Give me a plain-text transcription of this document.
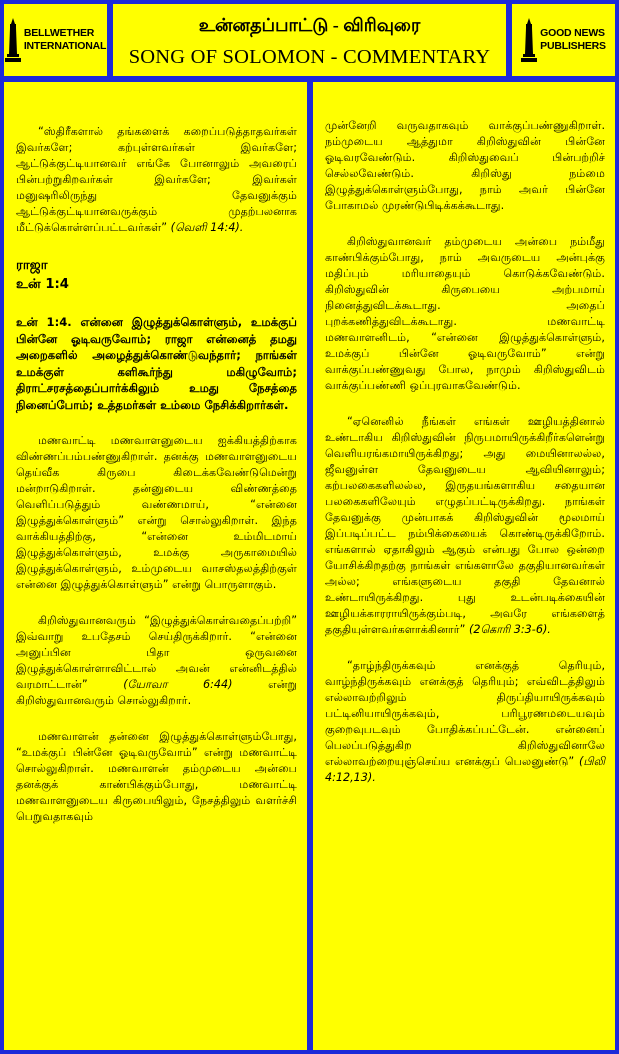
BELLWETHER
INTERNATIONAL
உன்னதப்பாட்டு - விரிவுரை
SONG OF SOLOMON - COMMENTARY
GOOD NEWS
PUBLISHERS

“ஸ்திரீகளால் தங்களைக் கறைப்படுத்தாதவர்கள் இவர்களே; கற்புள்ளவர்கள் இவர்களே; ஆட்டுக்குட்டியானவர் எங்கே போனாலும் அவரைப் பின்பற்றுகிறவர்கள் இவர்களே; இவர்கள் மனுஷரிலிருந்து தேவனுக்கும் ஆட்டுக்குட்டியானவருக்கும் முதற்பலனாக மீட்டுக்கொள்ளப்பட்டவர்கள்” (வெளி 14:4).

ராஜா
உன் 1:4

உன் 1:4. என்னை இழுத்துக்கொள்ளும், உமக்குப் பின்னே ஓடிவருவோம்; ராஜா என்னைத் தமது அறைகளில் அழைத்துக்கொண்டுவந்தார்; நாங்கள் உமக்குள் களிகூர்ந்து மகிழுவோம்; திராட்சரசத்தைப்பார்க்கிலும் உமது நேசத்தை நினைப்போம்; உத்தமர்கள் உம்மை நேசிக்கிறார்கள்.

மணவாட்டி மணவாளனுடைய ஐக்கியத்திற்காக விண்ணப்பம்பண்ணுகிறாள். தனக்கு மணவாளனுடைய தெய்வீக கிருபை கிடைக்கவேண்டுமென்று மன்றாடுகிறாள். தன்னுடைய விண்ணத்தை வெளிப்படுத்தும் வண்ணமாய், “என்னை இழுத்துக்கொள்ளும்” என்று சொல்லுகிறாள். இந்த வாக்கியத்திற்கு, “என்னை உம்மிடமாய் இழுத்துக்கொள்ளும், உமக்கு அருகாமையில் இழுத்துக்கொள்ளும், உம்முடைய வாசஸ்தலத்திற்குள் என்னை இழுத்துக்கொள்ளும்” என்று பொருளாகும்.

கிறிஸ்துவானவரும் “இழுத்துக்கொள்வதைப்பற்றி” இவ்வாறு உபதேசம் செய்திருக்கிறார். “என்னை அனுப்பின பிதா ஒருவனை இழுத்துக்கொள்ளாவிட்டால் அவன் என்னிடத்தில் வரமாட்டான்”	(யோவா 6:44)	என்று கிறிஸ்துவானவரும் சொல்லுகிறார்.

மணவாளன் தன்னை இழுத்துக்கொள்ளும்போது, “உமக்குப் பின்னே ஓடிவருவோம்” என்று மணவாட்டி சொல்லுகிறாள். மணவாளன் தம்முடைய அன்பை தனக்குக் காண்பிக்கும்போது, மணவாட்டி மணவாளனுடைய கிருபையிலும், நேசத்திலும் வளர்ச்சி பெறுவதாகவும்

முன்னேறி வருவதாகவும் வாக்குப்பண்ணுகிறாள். நம்முடைய ஆத்துமா கிறிஸ்துவின் பின்னே ஓடிவரவேண்டும். கிறிஸ்துவைப் பின்பற்றிச் செல்லவேண்டும். கிறிஸ்து நம்மை இழுத்துக்கொள்ளும்போது, நாம் அவர் பின்னே போகாமல் முரண்டுபிடிக்கக்கூடாது.

கிறிஸ்துவானவர் தம்முடைய அன்பை நம்மீது காண்பிக்கும்போது, நாம் அவருடைய அன்புக்கு மதிப்பும் மரியாதையும் கொடுக்கவேண்டும். கிறிஸ்துவின் கிருபையை அற்பமாய் நினைத்துவிடக்கூடாது. அதைப் புறக்கணித்துவிடக்கூடாது. மணவாட்டி மணவாளனிடம், “என்னை இழுத்துக்கொள்ளும், உமக்குப் பின்னே ஓடிவருவோம்” என்று வாக்குப்பண்ணுவது போல, நாமும் கிறிஸ்துவிடம் வாக்குப்பண்ணி ஒப்புரவாகவேண்டும்.

“ஏனெனில் நீங்கள் எங்கள் ஊழியத்தினால் உண்டாகிய கிறிஸ்துவின் நிருபமாயிருக்கிறீர்களென்று வெளியரங்கமாயிருக்கிறது; அது மையினாலல்ல, ஜீவனுள்ள தேவனுடைய ஆவியினாலும்; கற்பலகைகளிலல்ல, இருதயங்களாகிய சதையான பலகைகளிலேயும் எழுதப்பட்டிருக்கிறது. நாங்கள் தேவனுக்கு முன்பாகக் கிறிஸ்துவின் மூலமாய் இப்படிப்பட்ட நம்பிக்கையைக் கொண்டிருக்கிறோம். எங்களால் ஏதாகிலும் ஆகும் என்பது போல ஒன்றை யோசிக்கிறதற்கு நாங்கள் எங்களாலே தகுதியானவர்கள் அல்ல; எங்களுடைய தகுதி தேவனால் உண்டாயிருக்கிறது. புது உடன்படிக்கையின் ஊழியக்காரராயிருக்கும்படி, அவரே எங்களைத் தகுதியுள்ளவர்களாக்கினார்” (2கொரி 3:3-6).

“தாழ்ந்திருக்கவும் எனக்குத் தெரியும், வாழ்ந்திருக்கவும் எனக்குத் தெரியும்; எவ்விடத்திலும் எல்லாவற்றிலும் திருப்தியாயிருக்கவும் பட்டினியாயிருக்கவும், பரிபூரணமடையவும் குறைவுபடவும் போதிக்கப்பட்டேன். என்னைப் பெலப்படுத்துகிற கிறிஸ்துவினாலே எல்லாவற்றையுஞ்செய்ய எனக்குப் பெலனுண்டு” (பிலி 4:12,13).
